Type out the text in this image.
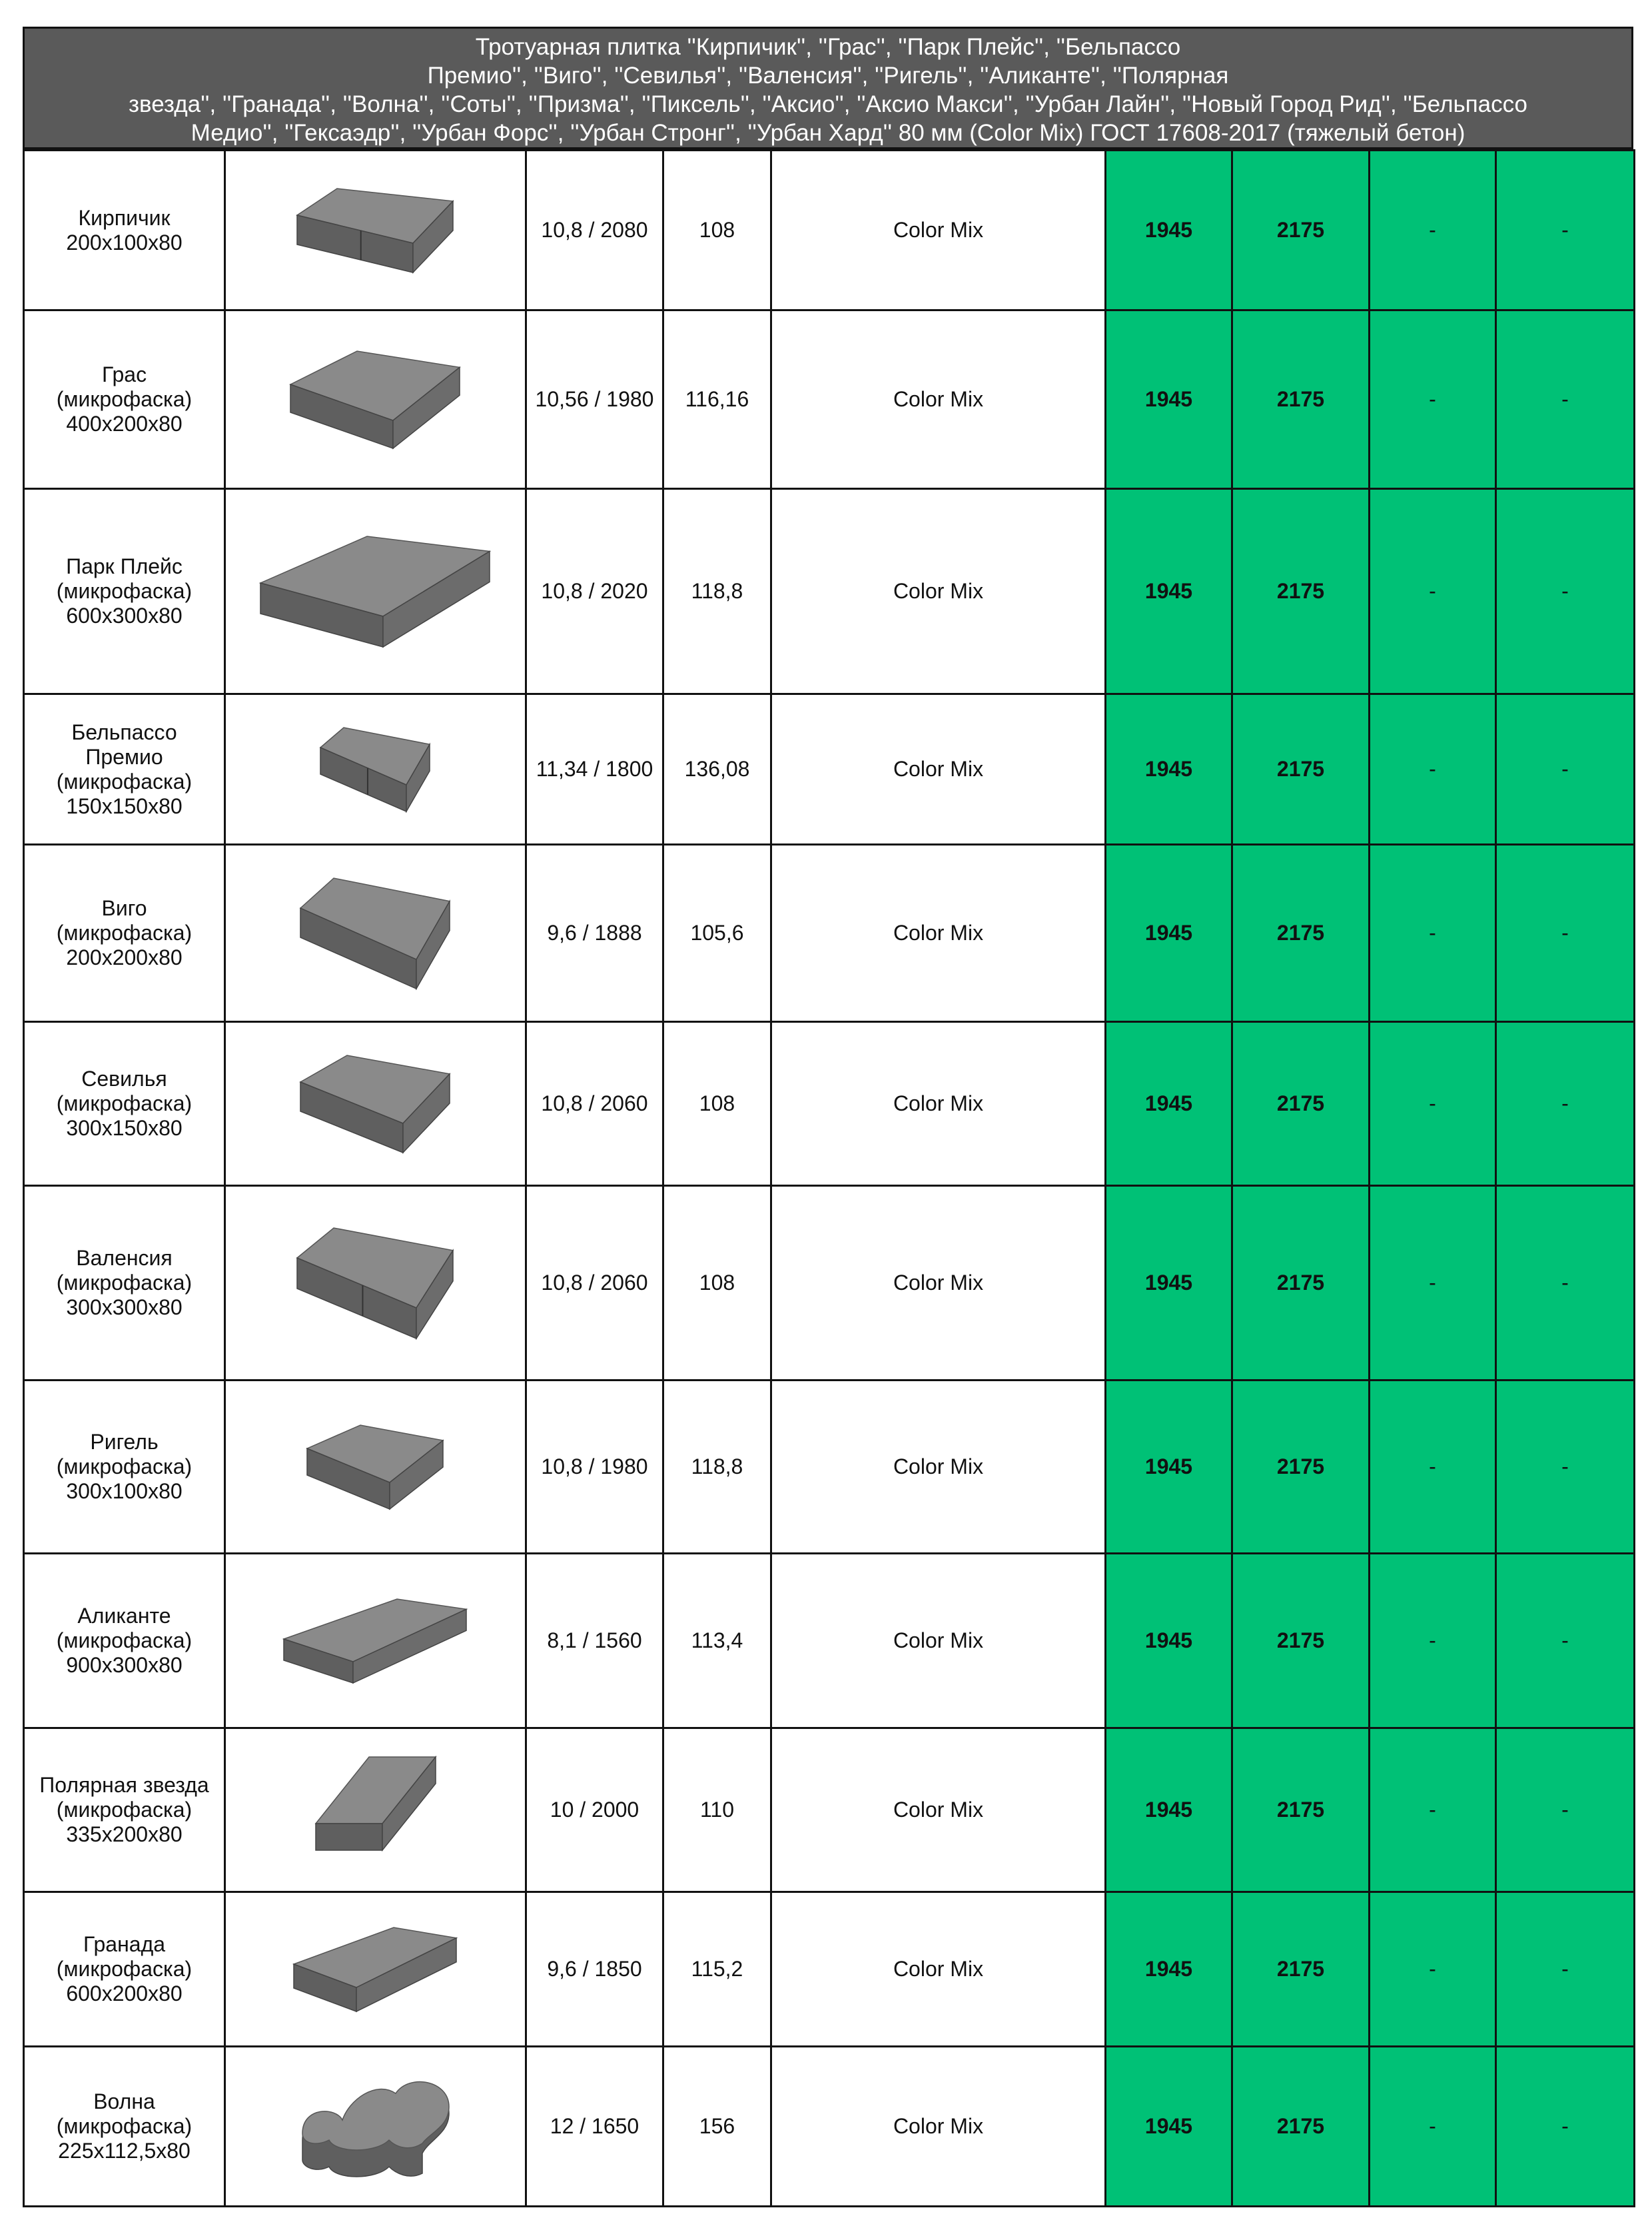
Тротуарная плитка ''Кирпичик'', ''Грас'', ''Парк Плейс'', ''Бельпассо
Премио'', ''Виго'', ''Севилья'', ''Валенсия'', ''Ригель'', ''Аликанте'', ''Полярная
звезда'', ''Гранада'', ''Волна'', ''Соты'', ''Призма'', ''Пиксель'', ''Аксио'', ''Аксио Макси'', ''Урбан Лайн'', ''Новый Город Рид'', ''Бельпассо
Медио'', ''Гексаэдр'', ''Урбан Форс'', ''Урбан Стронг'', ''Урбан Хард'' 80 мм (Color Mix) ГОСТ 17608-2017 (тяжелый бетон)
Кирпичик
200х100х80		10,8 / 2080	108	Color Mix	1945	2175	-	-

Грас
(микрофаска)
400х200х80		10,56 / 1980	116,16	Color Mix	1945	2175	-	-

Парк Плейс
(микрофаска)
600х300х80		10,8 / 2020	118,8	Color Mix	1945	2175	-	-

Бельпассо
Премио
(микрофаска)
150х150х80		11,34 / 1800	136,08	Color Mix	1945	2175	-	-

Виго
(микрофаска)
200х200х80		9,6 / 1888	105,6	Color Mix	1945	2175	-	-

Севилья
(микрофаска)
300х150х80		10,8 / 2060	108	Color Mix	1945	2175	-	-

Валенсия
(микрофаска)
300х300х80		10,8 / 2060	108	Color Mix	1945	2175	-	-

Ригель
(микрофаска)
300х100х80		10,8 / 1980	118,8	Color Mix	1945	2175	-	-

Аликанте
(микрофаска)
900х300х80		8,1 / 1560	113,4	Color Mix	1945	2175	-	-

Полярная звезда
(микрофаска)
335х200х80		10 / 2000	110	Color Mix	1945	2175	-	-

Гранада
(микрофаска)
600х200х80		9,6 / 1850	115,2	Color Mix	1945	2175	-	-

Волна
(микрофаска)
225х112,5х80		12 / 1650	156	Color Mix	1945	2175	-	-
